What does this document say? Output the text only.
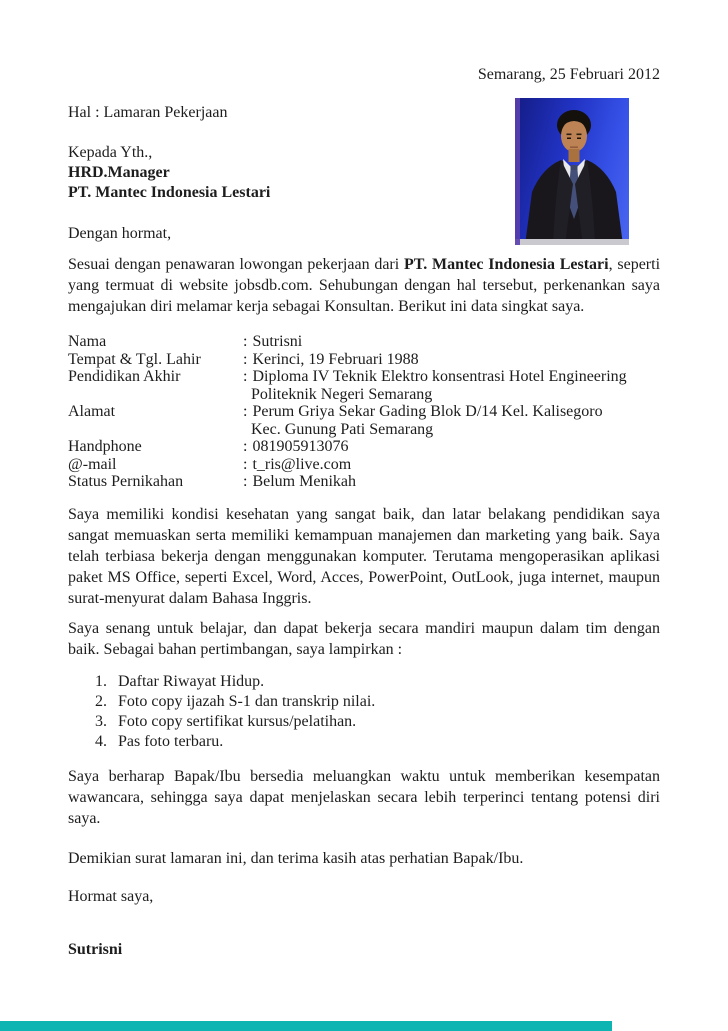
Semarang, 25 Februari 2012
Hal : Lamaran Pekerjaan
Kepada Yth.,
HRD.Manager
PT. Mantec Indonesia Lestari
Dengan hormat,

Sesuai dengan penawaran lowongan pekerjaan dari PT. Mantec Indonesia Lestari, seperti yang termuat di website jobsdb.com. Sehubungan dengan hal tersebut, perkenankan saya mengajukan diri melamar kerja sebagai Konsultan. Berikut ini data singkat saya.

Nama	: Sutrisni
Tempat & Tgl. Lahir	: Kerinci, 19 Februari 1988
Pendidikan Akhir	: Diploma IV Teknik Elektro konsentrasi Hotel Engineering
Politeknik Negeri Semarang
Alamat	: Perum Griya Sekar Gading Blok D/14 Kel. Kalisegoro
Kec. Gunung Pati Semarang
Handphone	: 081905913076
@-mail	: t_ris@live.com
Status Pernikahan	: Belum Menikah

Saya memiliki kondisi kesehatan yang sangat baik, dan latar belakang pendidikan saya sangat memuaskan serta memiliki kemampuan manajemen dan marketing yang baik. Saya telah terbiasa bekerja dengan menggunakan komputer. Terutama mengoperasikan aplikasi paket MS Office, seperti Excel, Word, Acces, PowerPoint, OutLook, juga internet, maupun surat-menyurat dalam Bahasa Inggris.

Saya senang untuk belajar, dan dapat bekerja secara mandiri maupun dalam tim dengan baik. Sebagai bahan pertimbangan, saya lampirkan :

1. Daftar Riwayat Hidup.
2. Foto copy ijazah S-1 dan transkrip nilai.
3. Foto copy sertifikat kursus/pelatihan.
4. Pas foto terbaru.

Saya berharap Bapak/Ibu bersedia meluangkan waktu untuk memberikan kesempatan wawancara, sehingga saya dapat menjelaskan secara lebih terperinci tentang potensi diri saya.

Demikian surat lamaran ini, dan terima kasih atas perhatian Bapak/Ibu.

Hormat saya,

Sutrisni
